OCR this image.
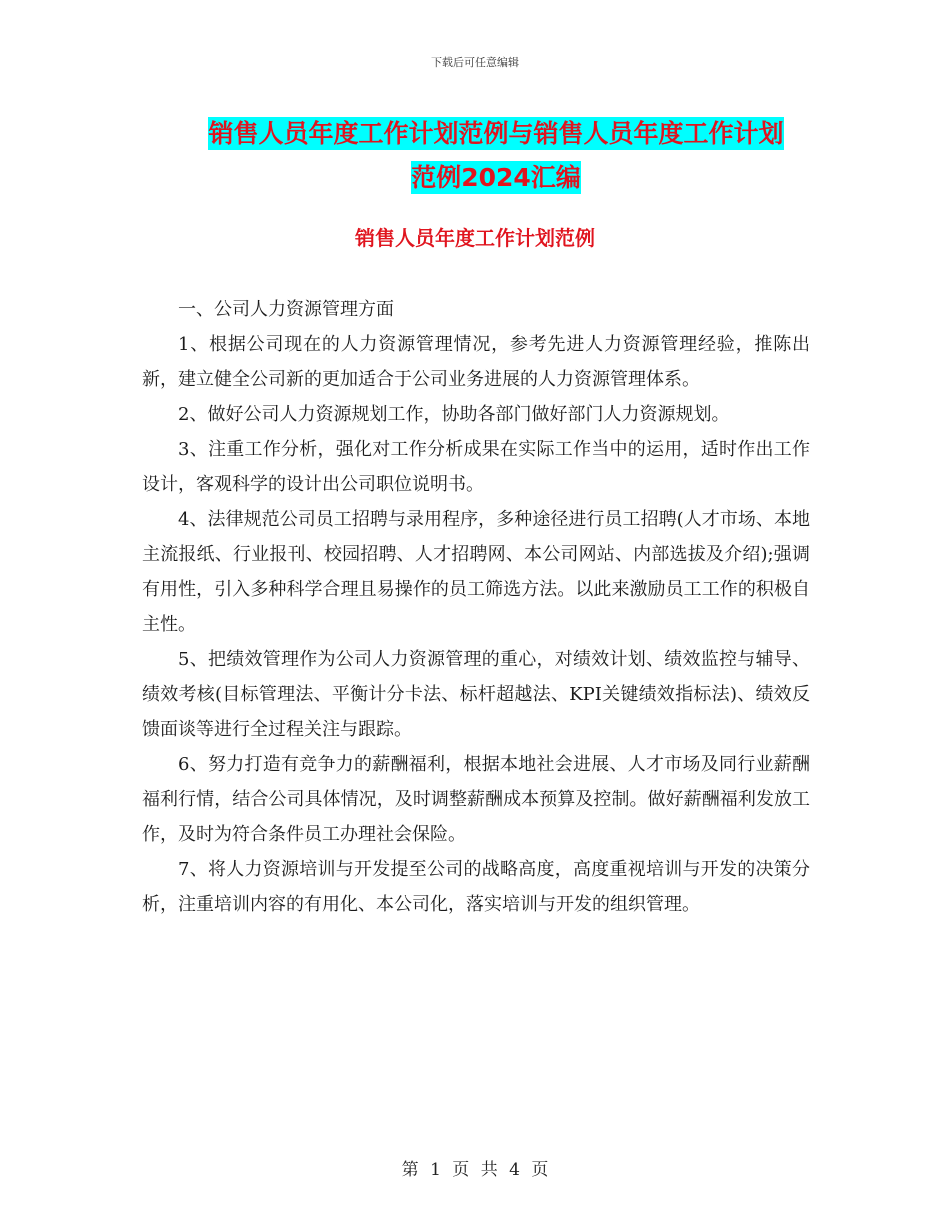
下载后可任意编辑
销售人员年度工作计划范例与销售人员年度工作计划
范例2024汇编
销售人员年度工作计划范例

一、公司人力资源管理方面

1、根据公司现在的人力资源管理情况，参考先进人力资源管理经验，推陈出新，建立健全公司新的更加适合于公司业务进展的人力资源管理体系。

2、做好公司人力资源规划工作，协助各部门做好部门人力资源规划。

3、注重工作分析，强化对工作分析成果在实际工作当中的运用，适时作出工作设计，客观科学的设计出公司职位说明书。

4、法律规范公司员工招聘与录用程序，多种途径进行员工招聘(人才市场、本地主流报纸、行业报刊、校园招聘、人才招聘网、本公司网站、内部选拔及介绍);强调有用性，引入多种科学合理且易操作的员工筛选方法。以此来激励员工工作的积极自主性。

5、把绩效管理作为公司人力资源管理的重心，对绩效计划、绩效监控与辅导、绩效考核(目标管理法、平衡计分卡法、标杆超越法、KPI关键绩效指标法)、绩效反馈面谈等进行全过程关注与跟踪。

6、努力打造有竞争力的薪酬福利，根据本地社会进展、人才市场及同行业薪酬福利行情，结合公司具体情况，及时调整薪酬成本预算及控制。做好薪酬福利发放工作，及时为符合条件员工办理社会保险。

7、将人力资源培训与开发提至公司的战略高度，高度重视培训与开发的决策分析，注重培训内容的有用化、本公司化，落实培训与开发的组织管理。

第 1 页 共 4 页
